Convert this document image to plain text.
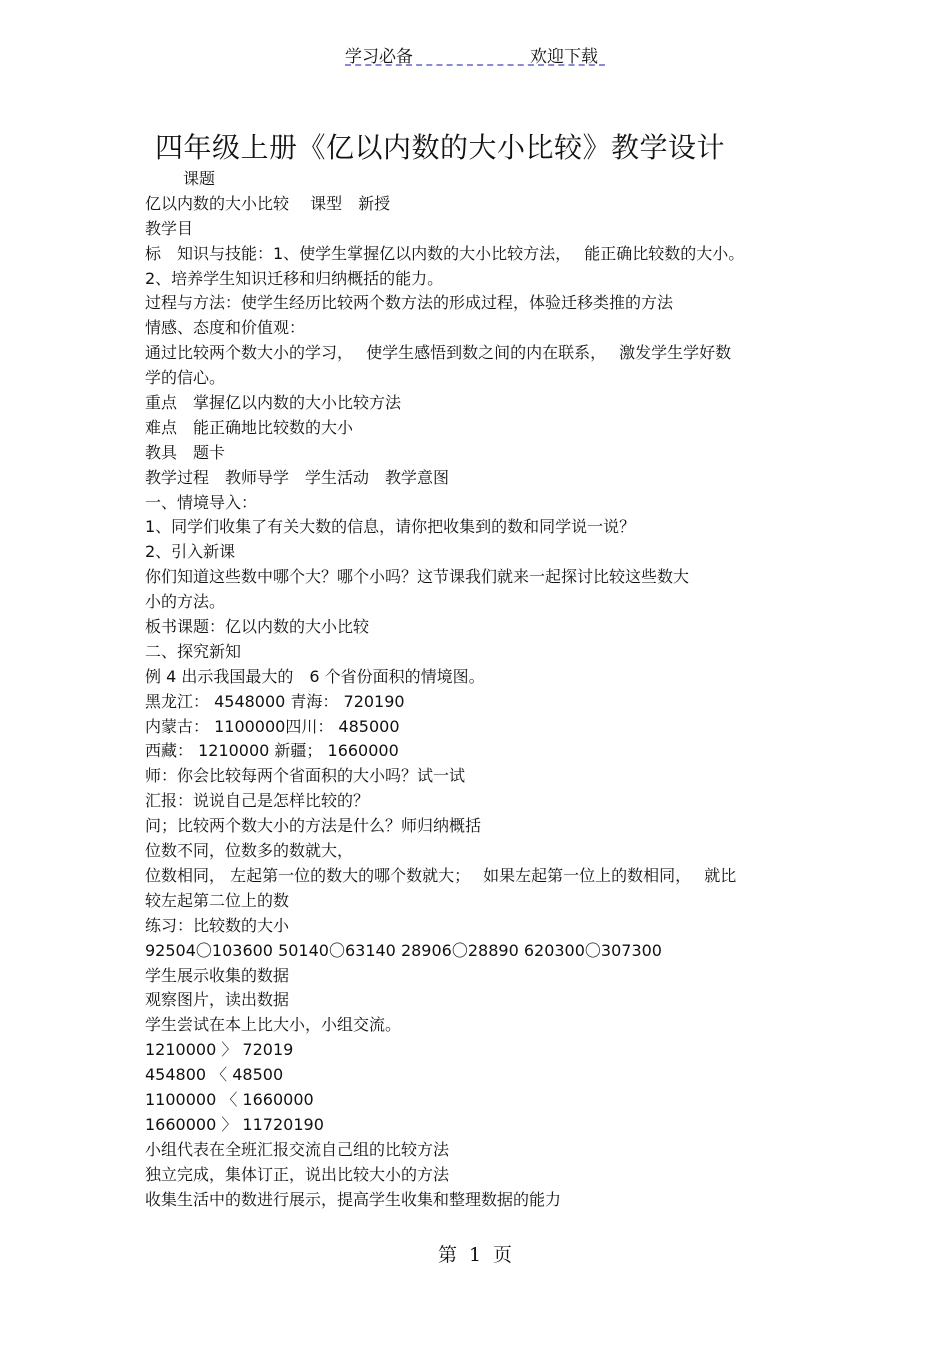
学习必备	欢迎下载
四年级上册《亿以内数的大小比较》教学设计
课题
亿以内数的大小比较　 课型　新授
教学目
标　知识与技能：1、使学生掌握亿以内数的大小比较方法，　 能正确比较数的大小。
2、培养学生知识迁移和归纳概括的能力。
过程与方法：使学生经历比较两个数方法的形成过程，体验迁移类推的方法
情感、态度和价值观：
通过比较两个数大小的学习，　 使学生感悟到数之间的内在联系，　 激发学生学好数
学的信心。
重点　掌握亿以内数的大小比较方法
难点　能正确地比较数的大小
教具　题卡
教学过程　教师导学　学生活动　教学意图
一、情境导入：
1、同学们收集了有关大数的信息，请你把收集到的数和同学说一说？
2、引入新课
你们知道这些数中哪个大？哪个小吗？这节课我们就来一起探讨比较这些数大
小的方法。
板书课题：亿以内数的大小比较
二、探究新知
例 4 出示我国最大的　6 个省份面积的情境图。
黑龙江： 4548000 青海： 720190
内蒙古： 1100000四川： 485000
西藏： 1210000 新疆； 1660000
师：你会比较每两个省面积的大小吗？试一试
汇报：说说自己是怎样比较的？
问；比较两个数大小的方法是什么？师归纳概括
位数不同，位数多的数就大，
位数相同， 左起第一位的数大的哪个数就大；　 如果左起第一位上的数相同，　 就比
较左起第二位上的数
练习：比较数的大小
92504〇103600 50140〇63140 28906〇28890 620300〇307300
学生展示收集的数据
观察图片，读出数据
学生尝试在本上比大小，小组交流。
1210000 〉 72019
454800 〈 48500
1100000 〈 1660000
1660000 〉 11720190
小组代表在全班汇报交流自己组的比较方法
独立完成，集体订正，说出比较大小的方法
收集生活中的数进行展示，提高学生收集和整理数据的能力
第 1 页
